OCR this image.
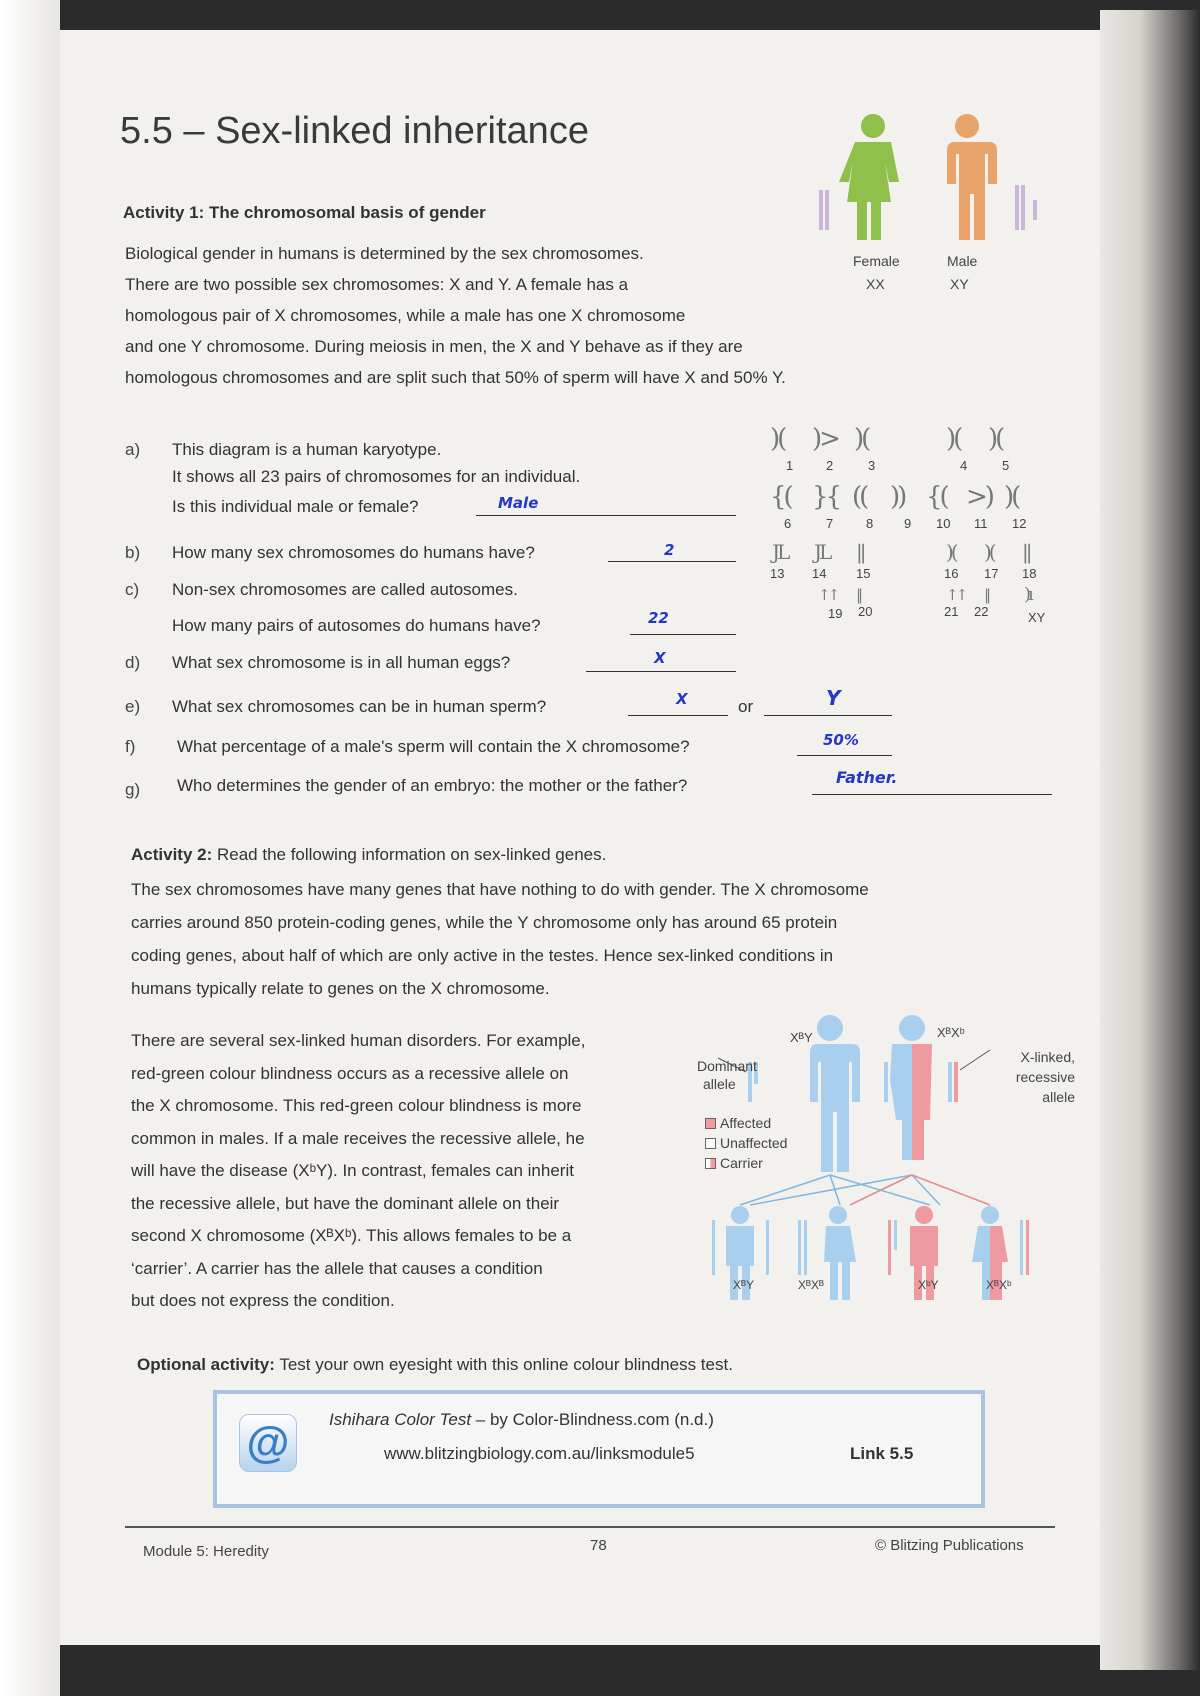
5.5 – Sex-linked inheritance
Female
XX
Male
XY
Activity 1: The chromosomal basis of gender
Biological gender in humans is determined by the sex chromosomes.
There are two possible sex chromosomes: X and Y. A female has a
homologous pair of X chromosomes, while a male has one X chromosome
and one Y chromosome. During meiosis in men, the X and Y behave as if they are
homologous chromosomes and are split such that 50% of sperm will have X and 50% Y.
)( )> )(	)( )(
1	2	3	4	5
{( }{ (( )) {( >) )(
6	7	8 9 10 11 12
JL JL ||	)( )( ||
13 14 15	16 17 18
↑↑ ||	↑↑ || )ı
19 20	21 22	XY
a) This diagram is a human karyotype.
It shows all 23 pairs of chromosomes for an individual.
Is this individual male or female?	Male
b) How many sex chromosomes do humans have?	2
c) Non-sex chromosomes are called autosomes.
How many pairs of autosomes do humans have?	22
d) What sex chromosome is in all human eggs?	X
e) What sex chromosomes can be in human sperm?	X	or	Y
f) What percentage of a male's sperm will contain the X chromosome?	50%
g) Who determines the gender of an embryo: the mother or the father?	Father.
Activity 2: Read the following information on sex-linked genes.
The sex chromosomes have many genes that have nothing to do with gender. The X chromosome
carries around 850 protein-coding genes, while the Y chromosome only has around 65 protein
coding genes, about half of which are only active in the testes. Hence sex-linked conditions in
humans typically relate to genes on the X chromosome.
There are several sex-linked human disorders. For example,
red-green colour blindness occurs as a recessive allele on
the X chromosome. This red-green colour blindness is more
common in males. If a male receives the recessive allele, he
will have the disease (XᵇY). In contrast, females can inherit
the recessive allele, but have the dominant allele on their
second X chromosome (XᴮXᵇ). This allows females to be a
‘carrier’. A carrier has the allele that causes a condition
but does not express the condition.
XᴮY	XᴮXᵇ
Dominant
allele
X-linked,
recessive
allele
Affected
Unaffected
Carrier
XᴮY	XᴮXᴮ	XᵇY	XᴮXᵇ
Optional activity: Test your own eyesight with this online colour blindness test.
@	Ishihara Color Test – by Color-Blindness.com (n.d.)
www.blitzingbiology.com.au/linksmodule5	Link 5.5
Module 5: Heredity	78	© Blitzing Publications
